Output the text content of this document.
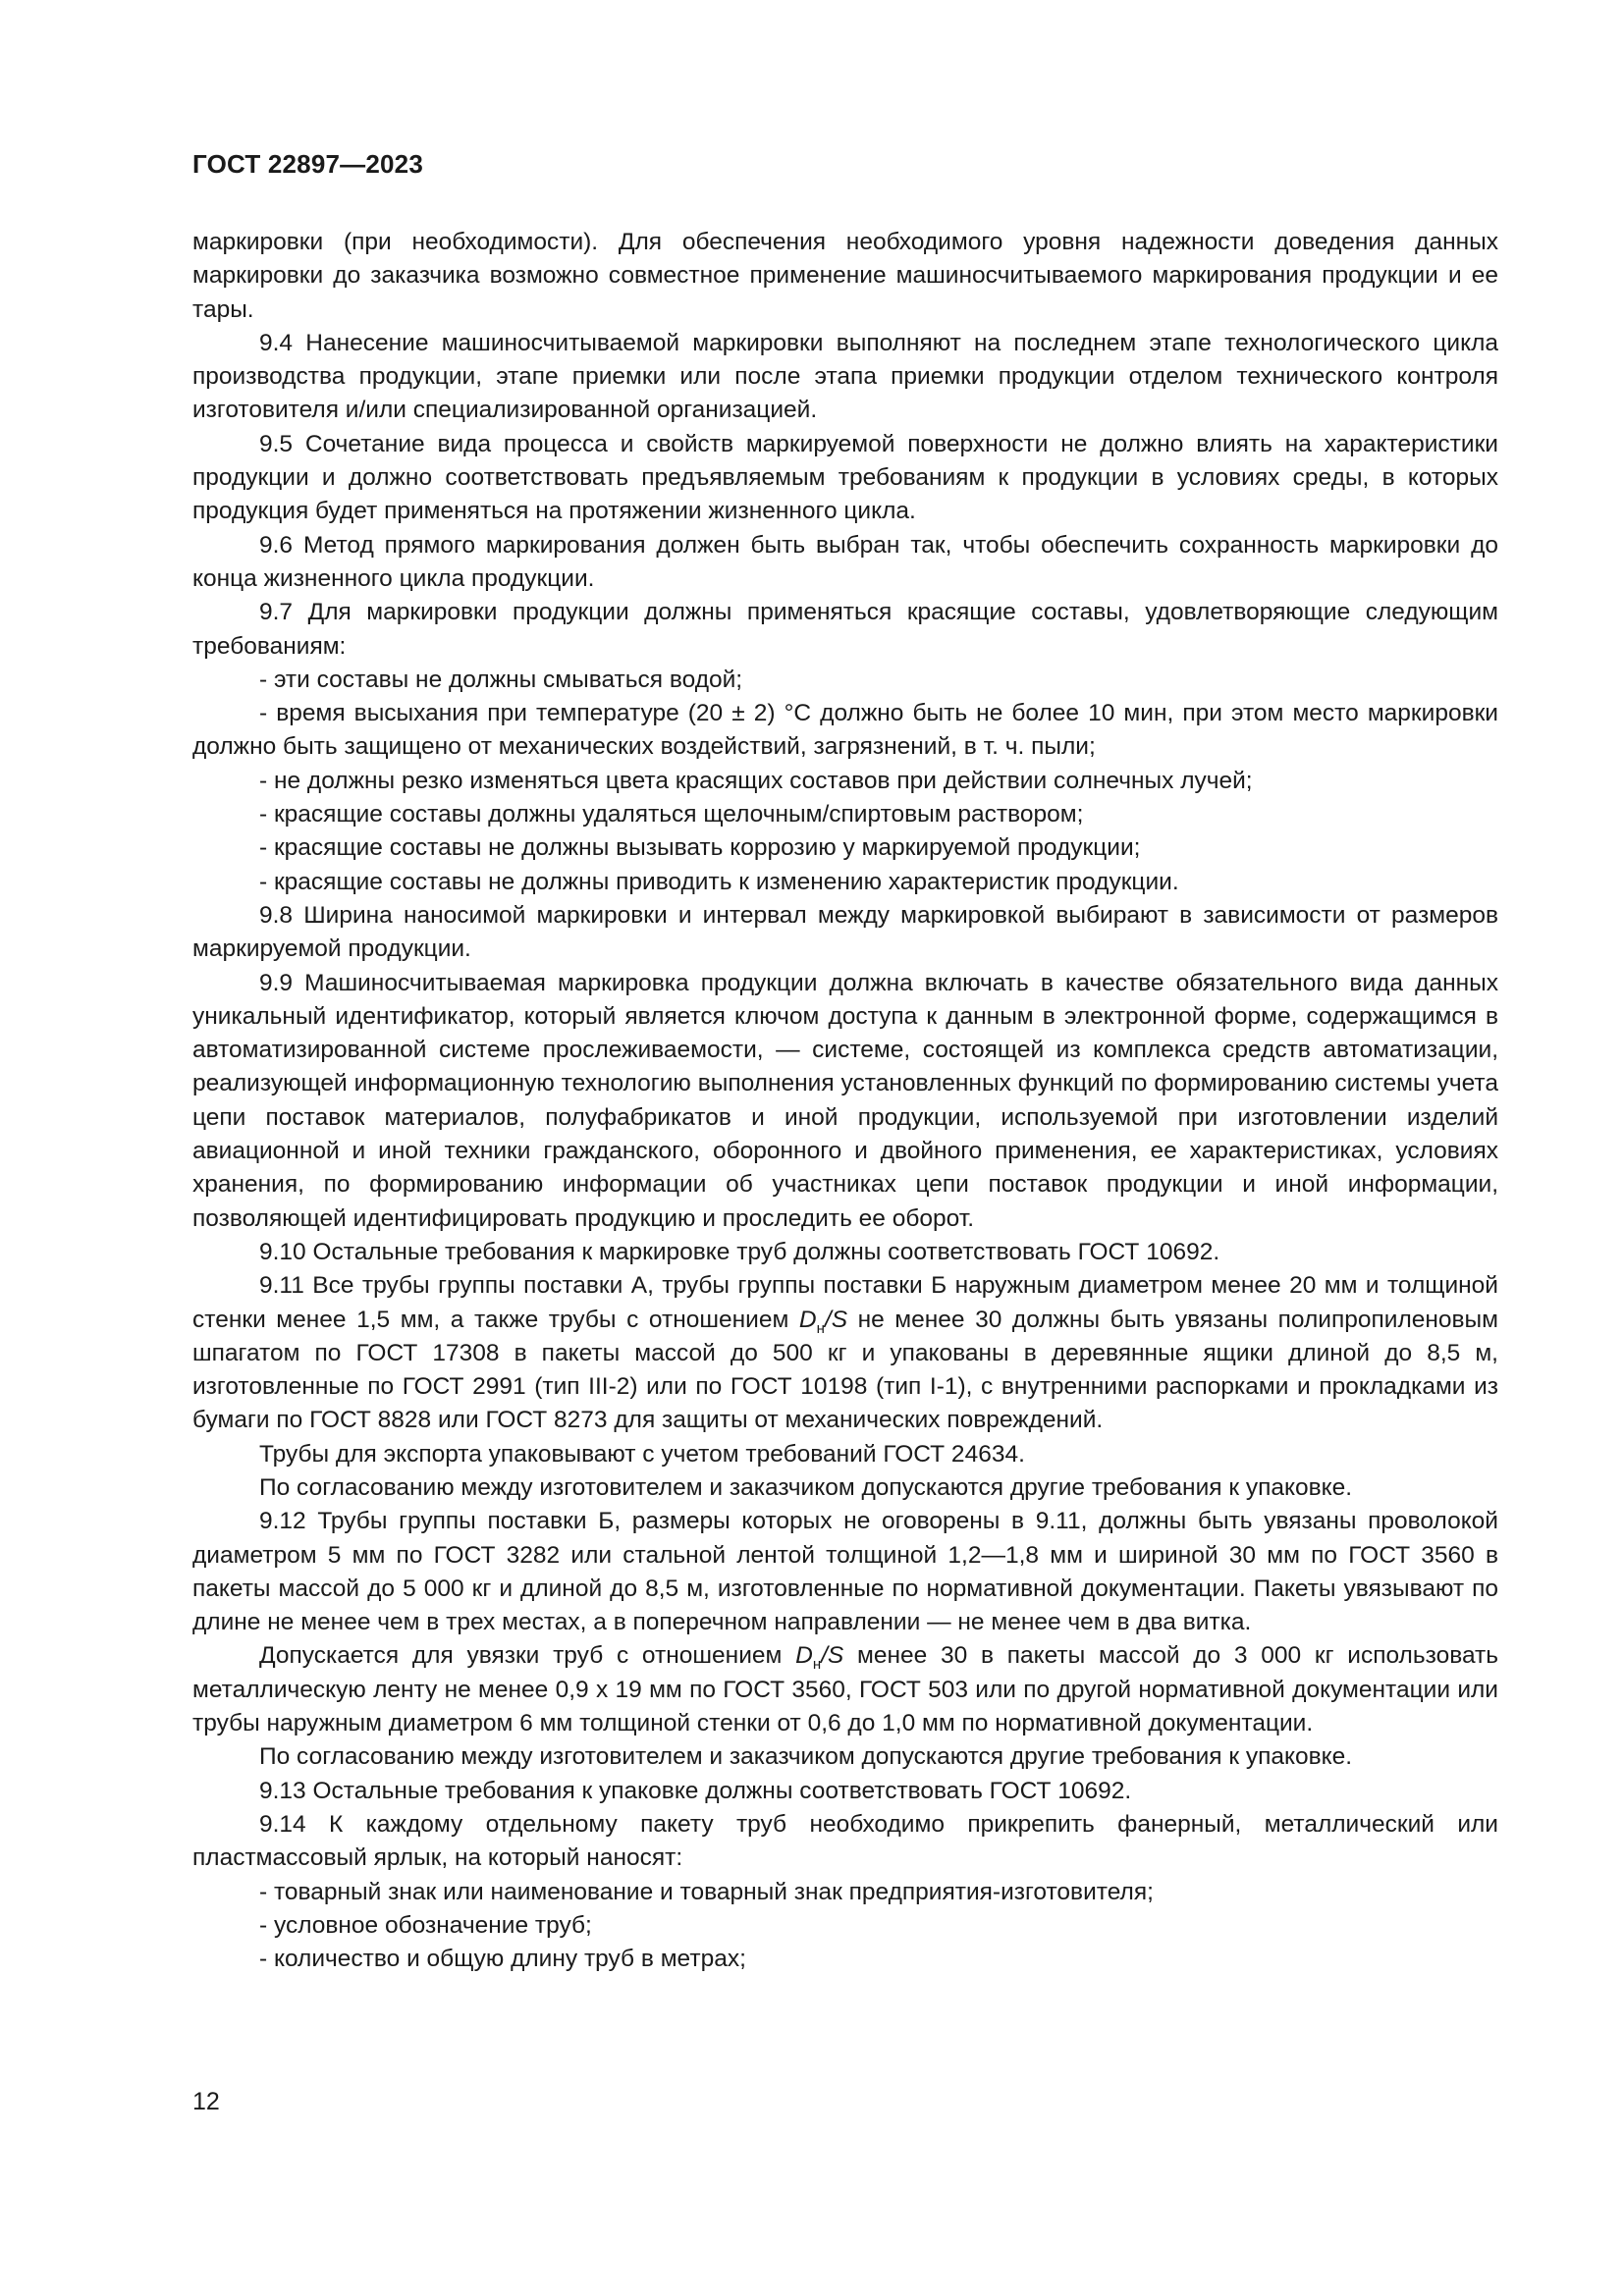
ГОСТ 22897—2023

маркировки (при необходимости). Для обеспечения необходимого уровня надежности доведения данных маркировки до заказчика возможно совместное применение машиносчитываемого маркирования продукции и ее тары.

9.4 Нанесение машиносчитываемой маркировки выполняют на последнем этапе технологического цикла производства продукции, этапе приемки или после этапа приемки продукции отделом технического контроля изготовителя и/или специализированной организацией.

9.5 Сочетание вида процесса и свойств маркируемой поверхности не должно влиять на характеристики продукции и должно соответствовать предъявляемым требованиям к продукции в условиях среды, в которых продукция будет применяться на протяжении жизненного цикла.

9.6 Метод прямого маркирования должен быть выбран так, чтобы обеспечить сохранность маркировки до конца жизненного цикла продукции.

9.7 Для маркировки продукции должны применяться красящие составы, удовлетворяющие следующим требованиям:

- эти составы не должны смываться водой;

- время высыхания при температуре (20 ± 2) °С должно быть не более 10 мин, при этом место маркировки должно быть защищено от механических воздействий, загрязнений, в т. ч. пыли;

- не должны резко изменяться цвета красящих составов при действии солнечных лучей;

- красящие составы должны удаляться щелочным/спиртовым раствором;

- красящие составы не должны вызывать коррозию у маркируемой продукции;

- красящие составы не должны приводить к изменению характеристик продукции.

9.8 Ширина наносимой маркировки и интервал между маркировкой выбирают в зависимости от размеров маркируемой продукции.

9.9 Машиносчитываемая маркировка продукции должна включать в качестве обязательного вида данных уникальный идентификатор, который является ключом доступа к данным в электронной форме, содержащимся в автоматизированной системе прослеживаемости, — системе, состоящей из комплекса средств автоматизации, реализующей информационную технологию выполнения установленных функций по формированию системы учета цепи поставок материалов, полуфабрикатов и иной продукции, используемой при изготовлении изделий авиационной и иной техники гражданского, оборонного и двойного применения, ее характеристиках, условиях хранения, по формированию информации об участниках цепи поставок продукции и иной информации, позволяющей идентифицировать продукцию и проследить ее оборот.

9.10 Остальные требования к маркировке труб должны соответствовать ГОСТ 10692.

9.11 Все трубы группы поставки А, трубы группы поставки Б наружным диаметром менее 20 мм и толщиной стенки менее 1,5 мм, а также трубы с отношением $D_н/S$ не менее 30 должны быть увязаны полипропиленовым шпагатом по ГОСТ 17308 в пакеты массой до 500 кг и упакованы в деревянные ящики длиной до 8,5 м, изготовленные по ГОСТ 2991 (тип III-2) или по ГОСТ 10198 (тип I-1), с внутренними распорками и прокладками из бумаги по ГОСТ 8828 или ГОСТ 8273 для защиты от механических повреждений.

Трубы для экспорта упаковывают с учетом требований ГОСТ 24634.

По согласованию между изготовителем и заказчиком допускаются другие требования к упаковке.

9.12 Трубы группы поставки Б, размеры которых не оговорены в 9.11, должны быть увязаны проволокой диаметром 5 мм по ГОСТ 3282 или стальной лентой толщиной 1,2—1,8 мм и шириной 30 мм по ГОСТ 3560 в пакеты массой до 5 000 кг и длиной до 8,5 м, изготовленные по нормативной документации. Пакеты увязывают по длине не менее чем в трех местах, а в поперечном направлении — не менее чем в два витка.

Допускается для увязки труб с отношением $D_н/S$ менее 30 в пакеты массой до 3 000 кг использовать металлическую ленту не менее 0,9 х 19 мм по ГОСТ 3560, ГОСТ 503 или по другой нормативной документации или трубы наружным диаметром 6 мм толщиной стенки от 0,6 до 1,0 мм по нормативной документации.

По согласованию между изготовителем и заказчиком допускаются другие требования к упаковке.

9.13 Остальные требования к упаковке должны соответствовать ГОСТ 10692.

9.14 К каждому отдельному пакету труб необходимо прикрепить фанерный, металлический или пластмассовый ярлык, на который наносят:

- товарный знак или наименование и товарный знак предприятия-изготовителя;

- условное обозначение труб;

- количество и общую длину труб в метрах;

12
